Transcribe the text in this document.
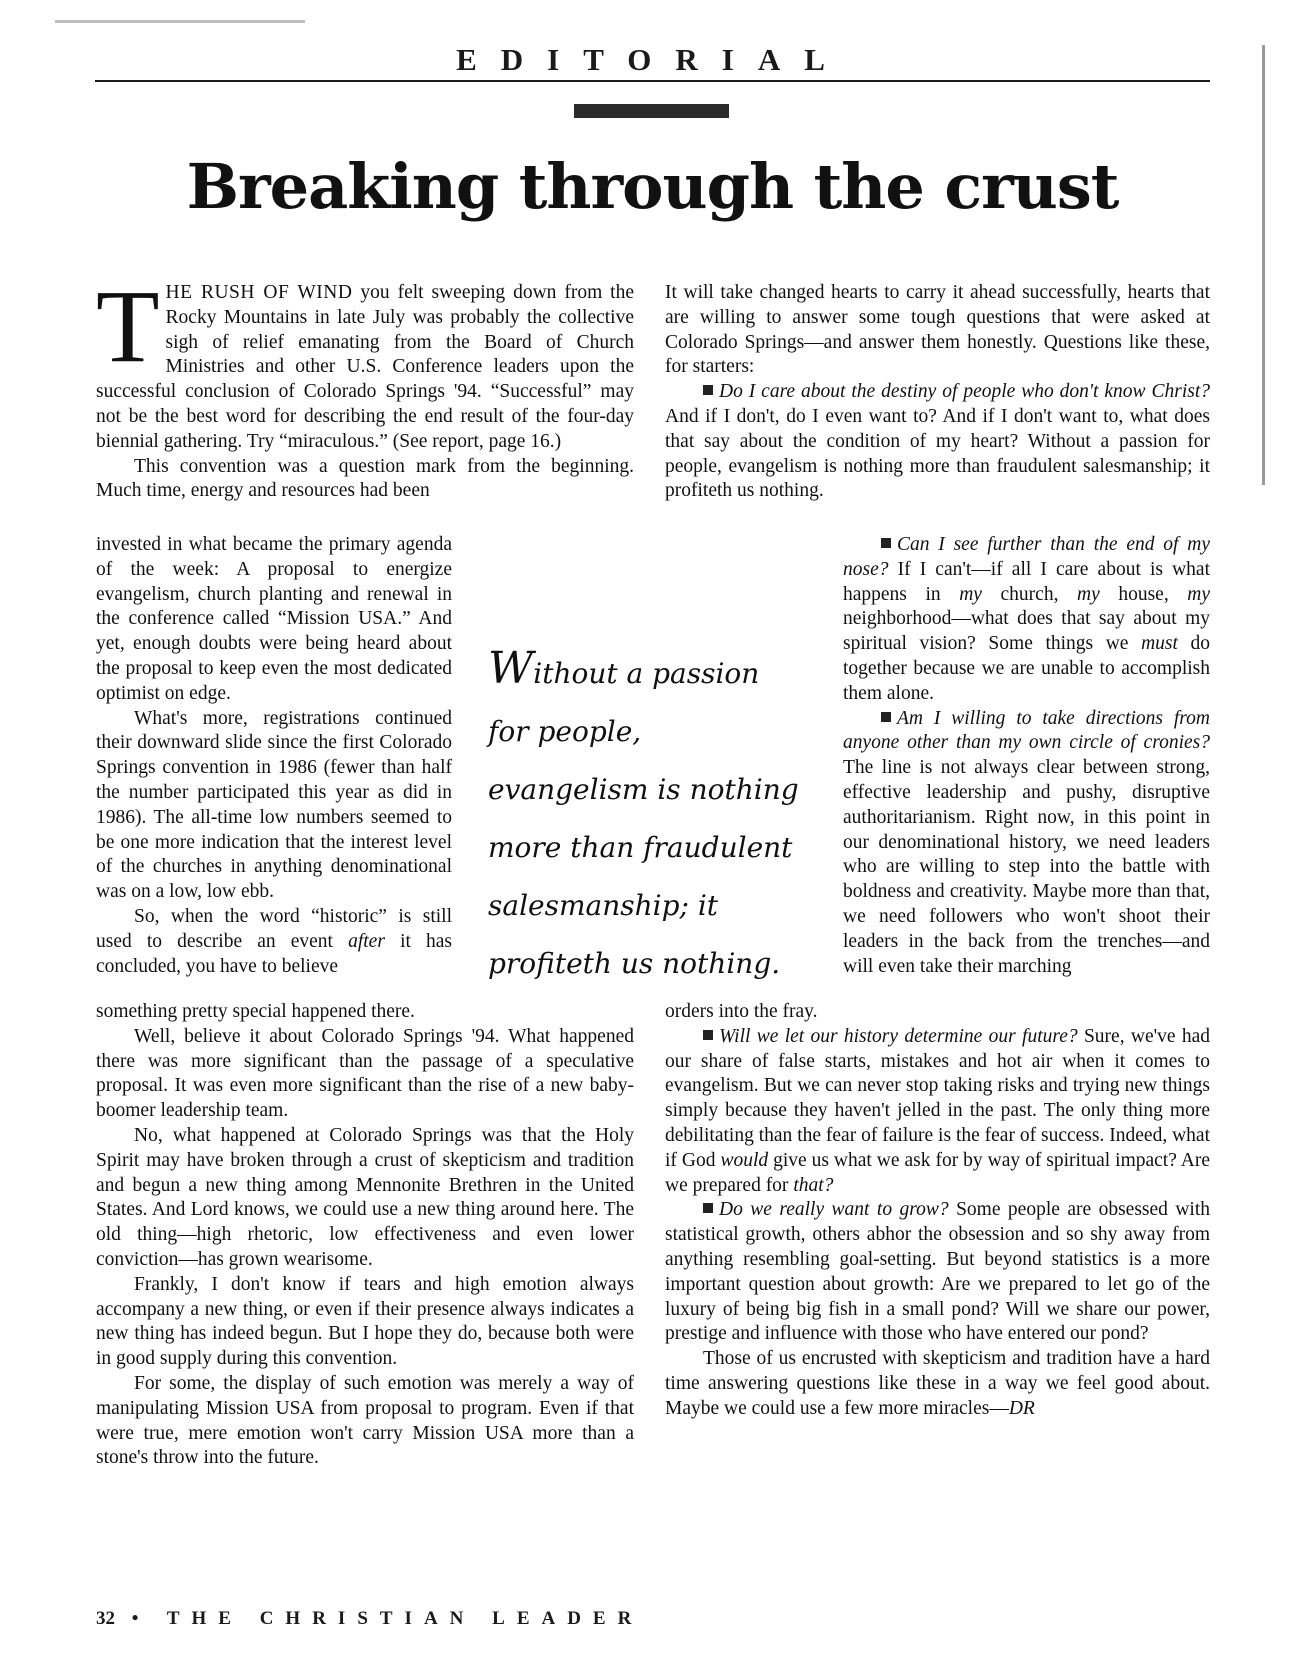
EDITORIAL
Breaking through the crust

THE RUSH OF WIND you felt sweeping down from the Rocky Mountains in late July was probably the collective sigh of relief emanating from the Board of Church Ministries and other U.S. Conference leaders upon the successful conclusion of Colorado Springs '94. “Successful” may not be the best word for describing the end result of the four-day biennial gathering. Try “miraculous.” (See report, page 16.)

This convention was a question mark from the beginning. Much time, energy and resources had been

invested in what became the primary agenda of the week: A proposal to energize evangelism, church planting and renewal in the conference called “Mission USA.” And yet, enough doubts were being heard about the proposal to keep even the most dedicated optimist on edge.

What's more, registrations continued their downward slide since the first Colorado Springs convention in 1986 (fewer than half the number participated this year as did in 1986). The all-time low numbers seemed to be one more indication that the interest level of the churches in anything denominational was on a low, low ebb.

So, when the word “historic” is still used to describe an event after it has concluded, you have to believe

something pretty special happened there.

Well, believe it about Colorado Springs '94. What happened there was more significant than the passage of a speculative proposal. It was even more significant than the rise of a new baby-boomer leadership team.

No, what happened at Colorado Springs was that the Holy Spirit may have broken through a crust of skepticism and tradition and begun a new thing among Mennonite Brethren in the United States. And Lord knows, we could use a new thing around here. The old thing—high rhetoric, low effectiveness and even lower conviction—has grown wearisome.

Frankly, I don't know if tears and high emotion always accompany a new thing, or even if their presence always indicates a new thing has indeed begun. But I hope they do, because both were in good supply during this convention.

For some, the display of such emotion was merely a way of manipulating Mission USA from proposal to program. Even if that were true, mere emotion won't carry Mission USA more than a stone's throw into the future.

It will take changed hearts to carry it ahead successfully, hearts that are willing to answer some tough questions that were asked at Colorado Springs—and answer them honestly. Questions like these, for starters:

Do I care about the destiny of people who don't know Christ? And if I don't, do I even want to? And if I don't want to, what does that say about the condition of my heart? Without a passion for people, evangelism is nothing more than fraudulent salesmanship; it profiteth us nothing.

Can I see further than the end of my nose? If I can't—if all I care about is what happens in my church, my house, my neighborhood—what does that say about my spiritual vision? Some things we must do together because we are unable to accomplish them alone.

Am I willing to take directions from anyone other than my own circle of cronies? The line is not always clear between strong, effective leadership and pushy, disruptive authoritarianism. Right now, in this point in our denominational history, we need leaders who are willing to step into the battle with boldness and creativity. Maybe more than that, we need followers who won't shoot their leaders in the back from the trenches—and will even take their marching

orders into the fray.

Will we let our history determine our future? Sure, we've had our share of false starts, mistakes and hot air when it comes to evangelism. But we can never stop taking risks and trying new things simply because they haven't jelled in the past. The only thing more debilitating than the fear of failure is the fear of success. Indeed, what if God would give us what we ask for by way of spiritual impact? Are we prepared for that?

Do we really want to grow? Some people are obsessed with statistical growth, others abhor the obsession and so shy away from anything resembling goal-setting. But beyond statistics is a more important question about growth: Are we prepared to let go of the luxury of being big fish in a small pond? Will we share our power, prestige and influence with those who have entered our pond?

Those of us encrusted with skepticism and tradition have a hard time answering questions like these in a way we feel good about. Maybe we could use a few more miracles—DR

Without a passion
for people,
evangelism is nothing
more than fraudulent
salesmanship; it
profiteth us nothing.
32 • THE CHRISTIAN LEADER
